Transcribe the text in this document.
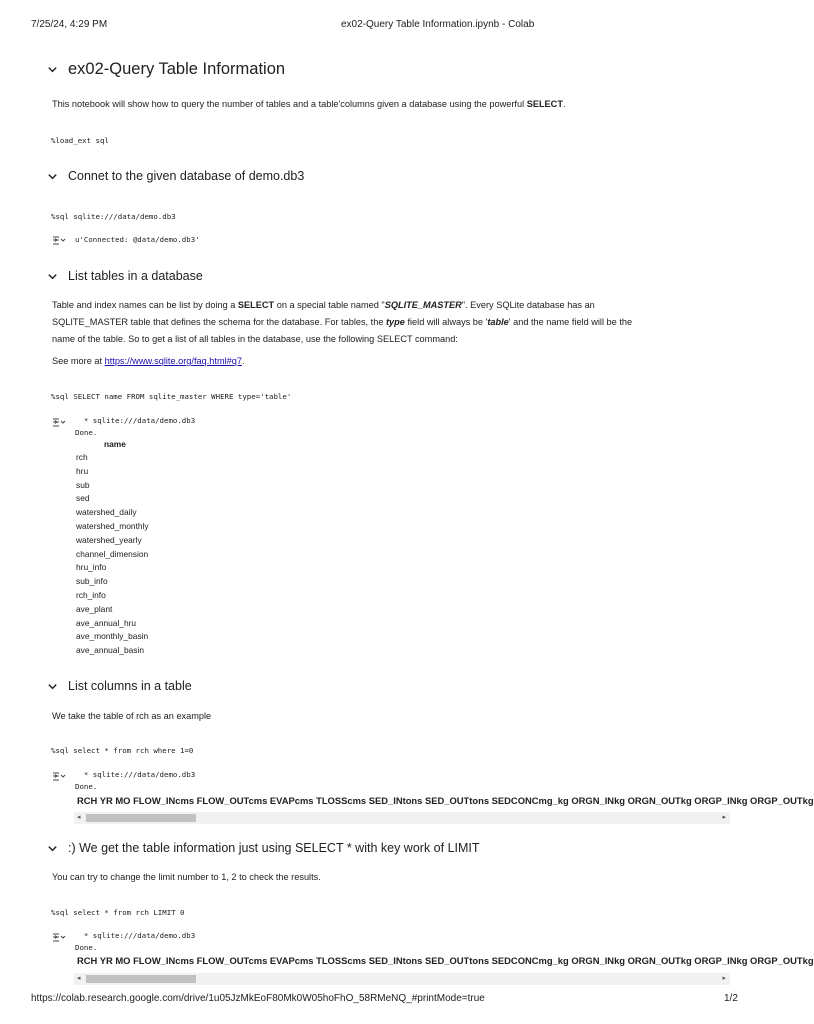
7/25/24, 4:29 PM	ex02-Query Table Information.ipynb - Colab
ex02-Query Table Information
This notebook will show how to query the number of tables and a table'columns given a database using the powerful SELECT.
%load_ext sql
Connet to the given database of demo.db3
%sql sqlite:///data/demo.db3
u'Connected: @data/demo.db3'
List tables in a database
Table and index names can be list by doing a SELECT on a special table named "SQLITE_MASTER". Every SQLite database has an
SQLITE_MASTER table that defines the schema for the database. For tables, the type field will always be 'table' and the name field will be the
name of the table. So to get a list of all tables in the database, use the following SELECT command:
See more at https://www.sqlite.org/faq.html#q7.
%sql SELECT name FROM sqlite_master WHERE type='table'
* sqlite:///data/demo.db3
Done.
name
rch
hru
sub
sed
watershed_daily
watershed_monthly
watershed_yearly
channel_dimension
hru_info
sub_info
rch_info
ave_plant
ave_annual_hru
ave_monthly_basin
ave_annual_basin
List columns in a table
We take the table of rch as an example
%sql select * from rch where 1=0
* sqlite:///data/demo.db3
Done.
RCH YR MO FLOW_INcms FLOW_OUTcms EVAPcms TLOSScms SED_INtons SED_OUTtons SEDCONCmg_kg ORGN_INkg ORGN_OUTkg ORGP_INkg ORGP_OUTkg
◂	▸
:) We get the table information just using SELECT * with key work of LIMIT
You can try to change the limit number to 1, 2 to check the results.
%sql select * from rch LIMIT 0
* sqlite:///data/demo.db3
Done.
RCH YR MO FLOW_INcms FLOW_OUTcms EVAPcms TLOSScms SED_INtons SED_OUTtons SEDCONCmg_kg ORGN_INkg ORGN_OUTkg ORGP_INkg ORGP_OUTkg
◂	▸
https://colab.research.google.com/drive/1u05JzMkEoF80Mk0W05hoFhO_58RMeNQ_#printMode=true	1/2
